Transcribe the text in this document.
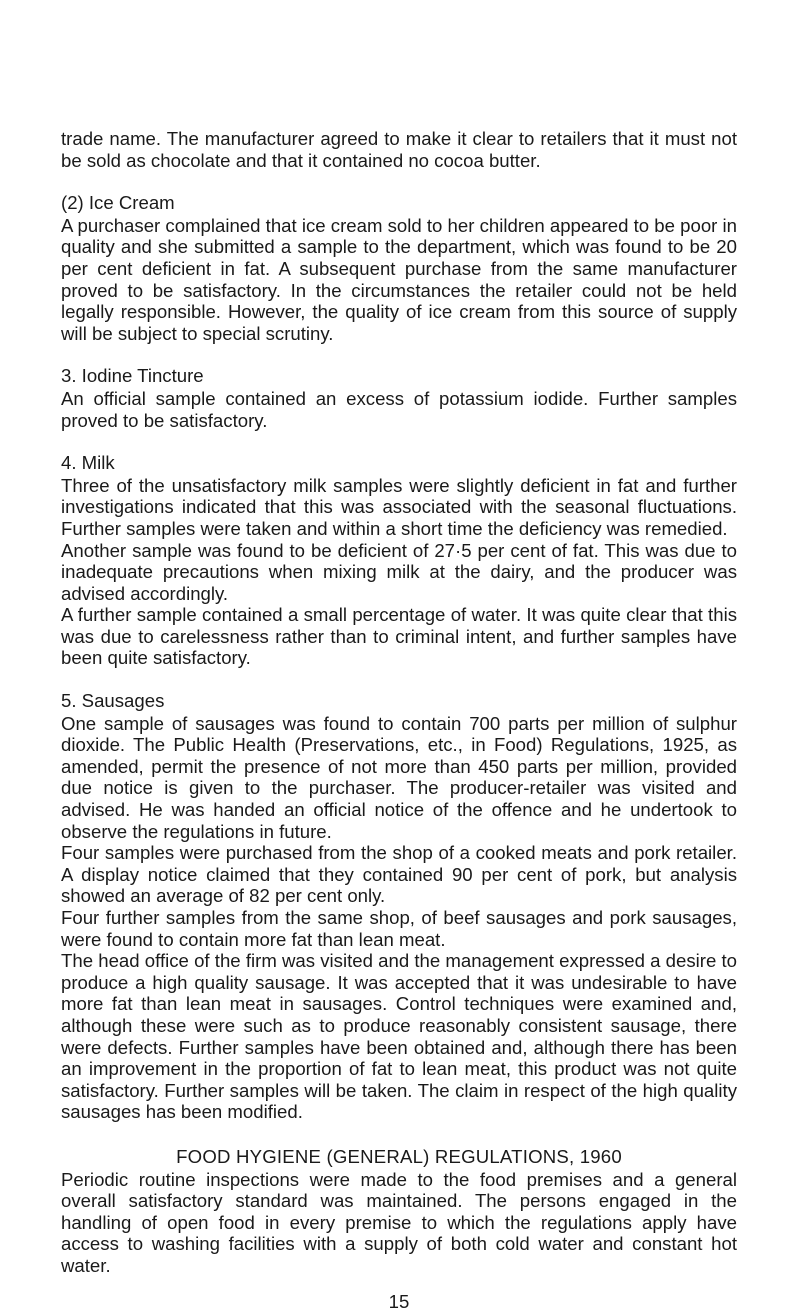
trade name. The manufacturer agreed to make it clear to retailers that it must not be sold as chocolate and that it contained no cocoa butter.

(2) Ice Cream

A purchaser complained that ice cream sold to her children appeared to be poor in quality and she submitted a sample to the department, which was found to be 20 per cent deficient in fat. A subsequent purchase from the same manufacturer proved to be satisfactory. In the circumstances the retailer could not be held legally responsible. However, the quality of ice cream from this source of supply will be subject to special scrutiny.

3. Iodine Tincture

An official sample contained an excess of potassium iodide. Further samples proved to be satisfactory.

4. Milk

Three of the unsatisfactory milk samples were slightly deficient in fat and further investigations indicated that this was associated with the seasonal fluctuations. Further samples were taken and within a short time the deficiency was remedied.

Another sample was found to be deficient of 27·5 per cent of fat. This was due to inadequate precautions when mixing milk at the dairy, and the producer was advised accordingly.

A further sample contained a small percentage of water. It was quite clear that this was due to carelessness rather than to criminal intent, and further samples have been quite satisfactory.

5. Sausages

One sample of sausages was found to contain 700 parts per million of sulphur dioxide. The Public Health (Preservations, etc., in Food) Regulations, 1925, as amended, permit the presence of not more than 450 parts per million, provided due notice is given to the purchaser. The producer-retailer was visited and advised. He was handed an official notice of the offence and he undertook to observe the regulations in future.

Four samples were purchased from the shop of a cooked meats and pork retailer. A display notice claimed that they contained 90 per cent of pork, but analysis showed an average of 82 per cent only.

Four further samples from the same shop, of beef sausages and pork sausages, were found to contain more fat than lean meat.

The head office of the firm was visited and the management expressed a desire to produce a high quality sausage. It was accepted that it was undesirable to have more fat than lean meat in sausages. Control techniques were examined and, although these were such as to produce reasonably consistent sausage, there were defects. Further samples have been obtained and, although there has been an improvement in the proportion of fat to lean meat, this product was not quite satisfactory. Further samples will be taken. The claim in respect of the high quality sausages has been modified.

FOOD HYGIENE (GENERAL) REGULATIONS, 1960

Periodic routine inspections were made to the food premises and a general overall satisfactory standard was maintained. The persons engaged in the handling of open food in every premise to which the regulations apply have access to washing facilities with a supply of both cold water and constant hot water.

15
